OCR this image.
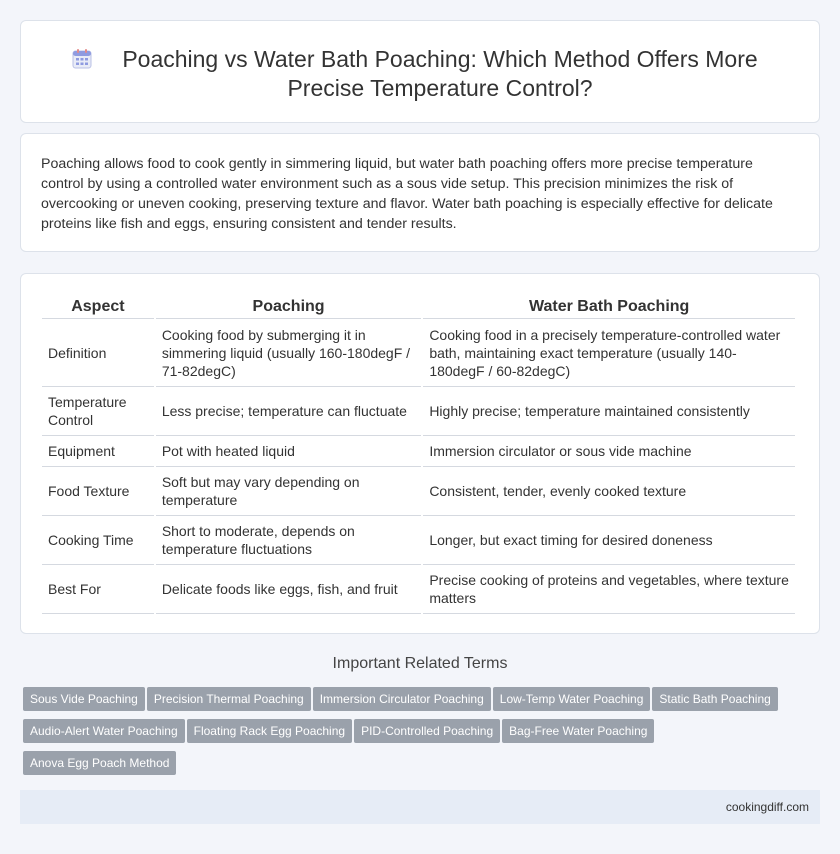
Poaching vs Water Bath Poaching: Which Method Offers More Precise Temperature Control?

Poaching allows food to cook gently in simmering liquid, but water bath poaching offers more precise temperature control by using a controlled water environment such as a sous vide setup. This precision minimizes the risk of overcooking or uneven cooking, preserving texture and flavor. Water bath poaching is especially effective for delicate proteins like fish and eggs, ensuring consistent and tender results.

Aspect	Poaching	Water Bath Poaching
Definition	Cooking food by submerging it in simmering liquid (usually 160-180degF / 71-82degC)	Cooking food in a precisely temperature-controlled water bath, maintaining exact temperature (usually 140-180degF / 60-82degC)
Temperature Control	Less precise; temperature can fluctuate	Highly precise; temperature maintained consistently
Equipment	Pot with heated liquid	Immersion circulator or sous vide machine
Food Texture	Soft but may vary depending on temperature	Consistent, tender, evenly cooked texture
Cooking Time	Short to moderate, depends on temperature fluctuations	Longer, but exact timing for desired doneness
Best For	Delicate foods like eggs, fish, and fruit	Precise cooking of proteins and vegetables, where texture matters
Important Related Terms
Sous Vide Poaching Precision Thermal Poaching Immersion Circulator Poaching Low-Temp Water Poaching Static Bath Poaching
Audio-Alert Water Poaching Floating Rack Egg Poaching PID-Controlled Poaching Bag-Free Water Poaching
Anova Egg Poach Method
cookingdiff.com
